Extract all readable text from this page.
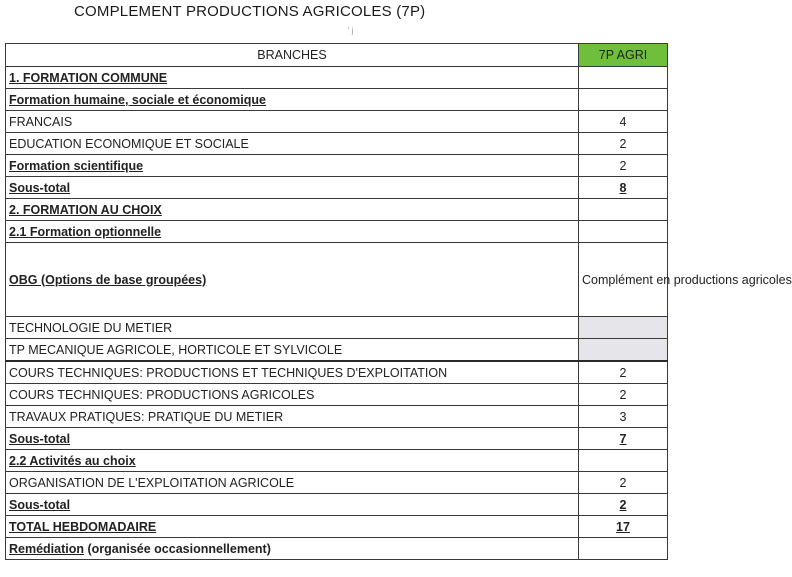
COMPLEMENT PRODUCTIONS AGRICOLES (7P)
' j
BRANCHES	7P AGRI
1. FORMATION COMMUNE	
Formation humaine, sociale et économique	
FRANCAIS	4
EDUCATION ECONOMIQUE ET SOCIALE	2
Formation scientifique	2
Sous-total	8
2. FORMATION AU CHOIX	
2.1 Formation optionnelle	
OBG (Options de base groupées)	Complément en productions agricoles
TECHNOLOGIE DU METIER	
TP MECANIQUE AGRICOLE, HORTICOLE ET SYLVICOLE	
COURS TECHNIQUES: PRODUCTIONS ET TECHNIQUES D'EXPLOITATION	2
COURS TECHNIQUES: PRODUCTIONS AGRICOLES	2
TRAVAUX PRATIQUES: PRATIQUE DU METIER	3
Sous-total	7
2.2 Activités au choix	
ORGANISATION DE L'EXPLOITATION AGRICOLE	2
Sous-total	2
TOTAL HEBDOMADAIRE	17
Remédiation (organisée occasionnellement)	
